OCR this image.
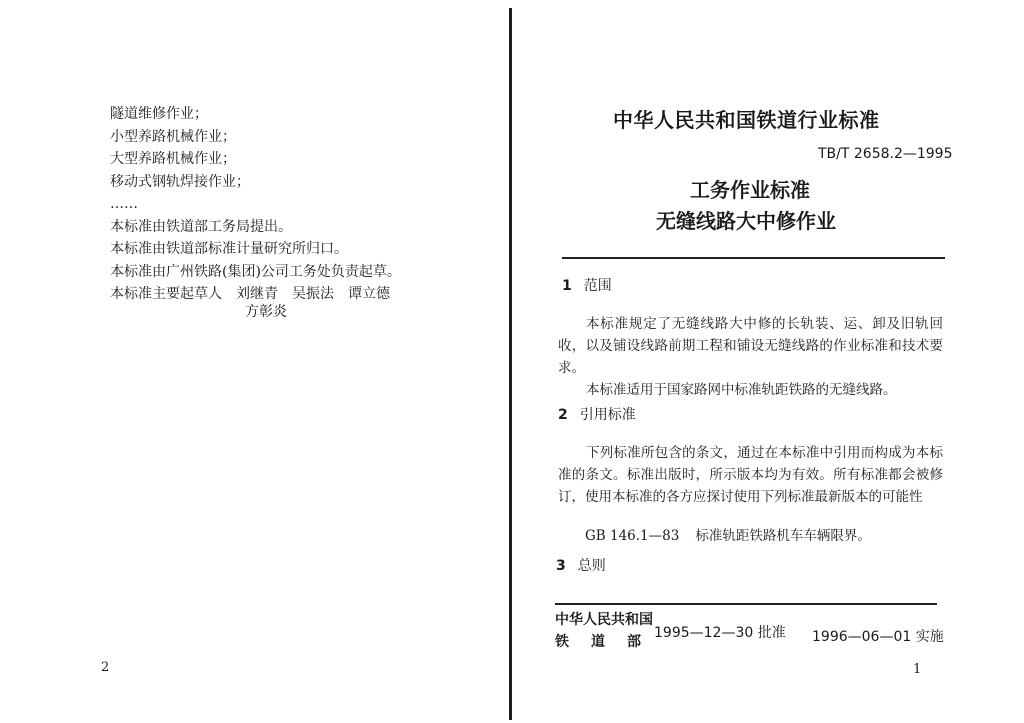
隧道维修作业；
小型养路机械作业；
大型养路机械作业；
移动式钢轨焊接作业；
……
本标准由铁道部工务局提出。
本标准由铁道部标准计量研究所归口。
本标准由广州铁路(集团)公司工务处负责起草。
本标准主要起草人　刘继青　吴振法　谭立德
方彰炎
2
中华人民共和国铁道行业标准
TB/T 2658.2—1995
工务作业标准
无缝线路大中修作业
1 范围
本标准规定了无缝线路大中修的长轨装、运、卸及旧轨回收，以及铺设线路前期工程和铺设无缝线路的作业标准和技术要求。
本标准适用于国家路网中标准轨距铁路的无缝线路。
2 引用标准
下列标准所包含的条文，通过在本标准中引用而构成为本标准的条文。标准出版时，所示版本均为有效。所有标准都会被修订，使用本标准的各方应探讨使用下列标准最新版本的可能性
GB 146.1—83 标准轨距铁路机车车辆限界。
3 总则
中华人民共和国
铁道部
1995—12—30 批准 1996—06—01 实施
1
